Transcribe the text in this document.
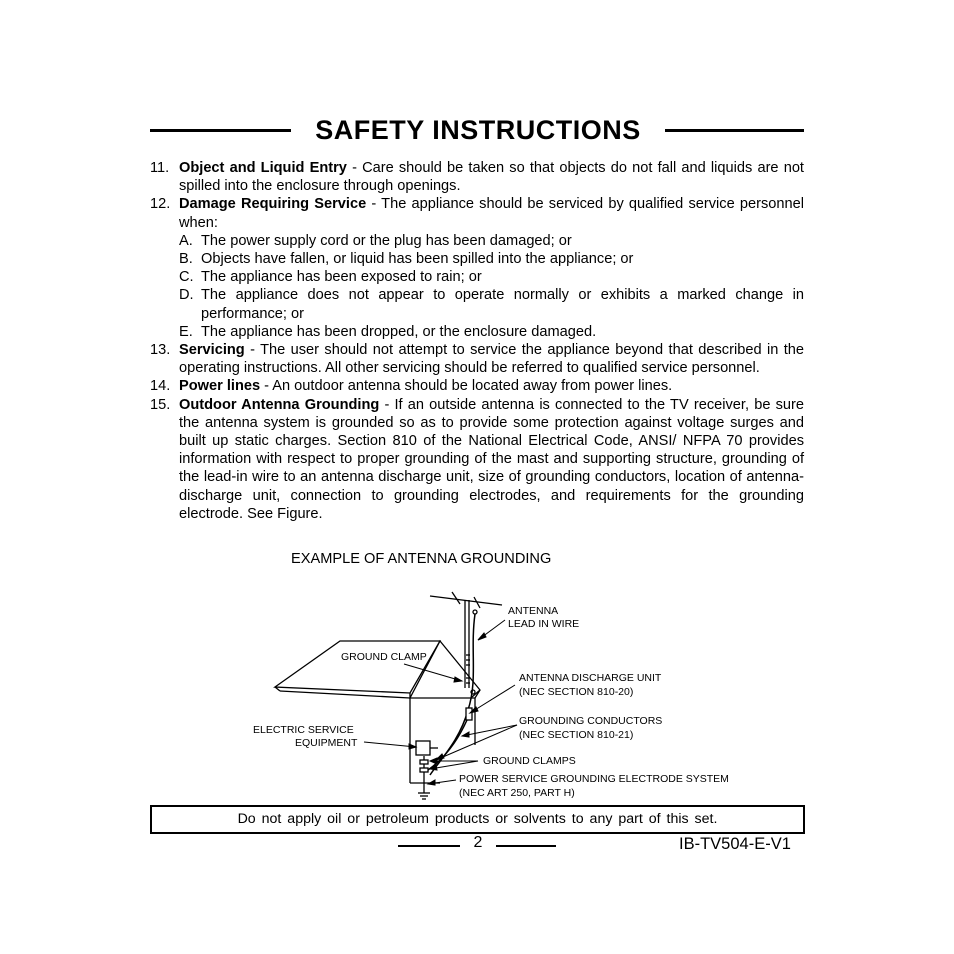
SAFETY INSTRUCTIONS
11. Object and Liquid Entry - Care should be taken so that objects do not fall and liquids are not spilled into the enclosure through openings.
12. Damage Requiring Service - The appliance should be serviced by qualified service personnel when:
A. The power supply cord or the plug has been damaged; or
B. Objects have fallen, or liquid has been spilled into the appliance; or
C. The appliance has been exposed to rain; or
D. The appliance does not appear to operate normally or exhibits a marked change in performance; or
E. The appliance has been dropped, or the enclosure damaged.
13. Servicing - The user should not attempt to service the appliance beyond that described in the operating instructions. All other servicing should be referred to qualified service personnel.
14. Power lines - An outdoor antenna should be located away from power lines.
15. Outdoor Antenna Grounding - If an outside antenna is connected to the TV receiver, be sure the antenna system is grounded so as to provide some protection against voltage surges and built up static charges. Section 810 of the National Electrical Code, ANSI/ NFPA 70 provides information with respect to proper grounding of the mast and supporting structure, grounding of the lead-in wire to an antenna discharge unit, size of grounding conductors, location of antenna-discharge unit, connection to grounding electrodes, and requirements for the grounding electrode. See Figure.
EXAMPLE OF ANTENNA GROUNDING
ANTENNA
LEAD IN WIRE
GROUND CLAMP
ANTENNA DISCHARGE UNIT
(NEC SECTION 810-20)
GROUNDING CONDUCTORS
(NEC SECTION 810-21)
ELECTRIC SERVICE
EQUIPMENT
GROUND CLAMPS
POWER SERVICE GROUNDING ELECTRODE SYSTEM
(NEC ART 250, PART H)
Do not apply oil or petroleum products or solvents to any part of this set.
2	IB-TV504-E-V1
